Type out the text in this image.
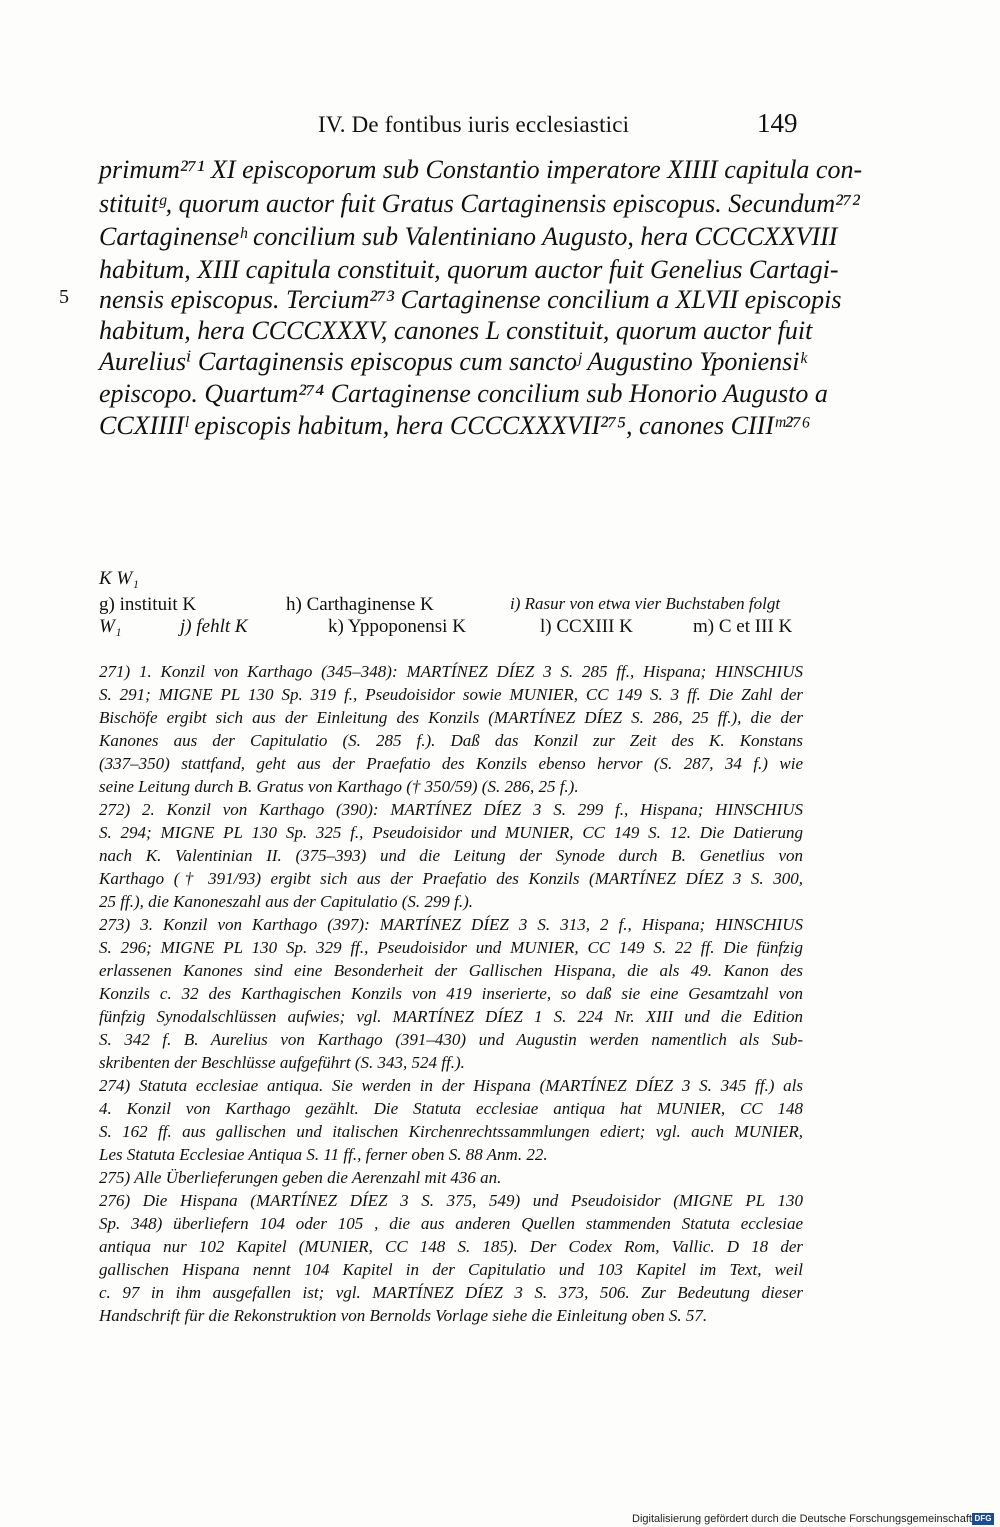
IV. De fontibus iuris ecclesiastici	149
5
primum²⁷¹ XI episcoporum sub Constantio imperatore XIIII capitula con-
stituitᵍ, quorum auctor fuit Gratus Cartaginensis episcopus. Secundum²⁷²
Cartaginenseʰ concilium sub Valentiniano Augusto, hera CCCCXXVIII
habitum, XIII capitula constituit, quorum auctor fuit Genelius Cartagi-
nensis episcopus. Tercium²⁷³ Cartaginense concilium a XLVII episcopis
habitum, hera CCCCXXXV, canones L constituit, quorum auctor fuit
Aureliusⁱ Cartaginensis episcopus cum sanctoʲ Augustino Yponiensiᵏ
episcopo. Quartum²⁷⁴ Cartaginense concilium sub Honorio Augusto a
CCXIIIIˡ episcopis habitum, hera CCCCXXXVII²⁷⁵, canones CIIIᵐ²⁷⁶
K W₁
g) instituit K	h) Carthaginense K	i) Rasur von etwa vier Buchstaben folgt
W₁	j) fehlt K	k) Yppoponensi K	l) CCXIII K	m) C et III K
271) 1. Konzil von Karthago (345–348): MARTÍNEZ DÍEZ 3 S. 285 ff., Hispana; HINSCHIUS
S. 291; MIGNE PL 130 Sp. 319 f., Pseudoisidor sowie MUNIER, CC 149 S. 3 ff. Die Zahl der
Bischöfe ergibt sich aus der Einleitung des Konzils (MARTÍNEZ DÍEZ S. 286, 25 ff.), die der
Kanones aus der Capitulatio (S. 285 f.). Daß das Konzil zur Zeit des K. Konstans
(337–350) stattfand, geht aus der Praefatio des Konzils ebenso hervor (S. 287, 34 f.) wie
seine Leitung durch B. Gratus von Karthago († 350/59) (S. 286, 25 f.).
272) 2. Konzil von Karthago (390): MARTÍNEZ DÍEZ 3 S. 299 f., Hispana; HINSCHIUS
S. 294; MIGNE PL 130 Sp. 325 f., Pseudoisidor und MUNIER, CC 149 S. 12. Die Datierung
nach K. Valentinian II. (375–393) und die Leitung der Synode durch B. Genetlius von
Karthago († 391/93) ergibt sich aus der Praefatio des Konzils (MARTÍNEZ DÍEZ 3 S. 300,
25 ff.), die Kanoneszahl aus der Capitulatio (S. 299 f.).
273) 3. Konzil von Karthago (397): MARTÍNEZ DÍEZ 3 S. 313, 2 f., Hispana; HINSCHIUS
S. 296; MIGNE PL 130 Sp. 329 ff., Pseudoisidor und MUNIER, CC 149 S. 22 ff. Die fünfzig
erlassenen Kanones sind eine Besonderheit der Gallischen Hispana, die als 49. Kanon des
Konzils c. 32 des Karthagischen Konzils von 419 inserierte, so daß sie eine Gesamtzahl von
fünfzig Synodalschlüssen aufwies; vgl. MARTÍNEZ DÍEZ 1 S. 224 Nr. XIII und die Edition
S. 342 f. B. Aurelius von Karthago (391–430) und Augustin werden namentlich als Sub-
skribenten der Beschlüsse aufgeführt (S. 343, 524 ff.).
274) Statuta ecclesiae antiqua. Sie werden in der Hispana (MARTÍNEZ DÍEZ 3 S. 345 ff.) als
4. Konzil von Karthago gezählt. Die Statuta ecclesiae antiqua hat MUNIER, CC 148
S. 162 ff. aus gallischen und italischen Kirchenrechtssammlungen ediert; vgl. auch MUNIER,
Les Statuta Ecclesiae Antiqua S. 11 ff., ferner oben S. 88 Anm. 22.
275) Alle Überlieferungen geben die Aerenzahl mit 436 an.
276) Die Hispana (MARTÍNEZ DÍEZ 3 S. 375, 549) und Pseudoisidor (MIGNE PL 130
Sp. 348) überliefern 104 oder 105 , die aus anderen Quellen stammenden Statuta ecclesiae
antiqua nur 102 Kapitel (MUNIER, CC 148 S. 185). Der Codex Rom, Vallic. D 18 der
gallischen Hispana nennt 104 Kapitel in der Capitulatio und 103 Kapitel im Text, weil
c. 97 in ihm ausgefallen ist; vgl. MARTÍNEZ DÍEZ 3 S. 373, 506. Zur Bedeutung dieser
Handschrift für die Rekonstruktion von Bernolds Vorlage siehe die Einleitung oben S. 57.
Digitalisierung gefördert durch die Deutsche Forschungsgemeinschaft DFG
